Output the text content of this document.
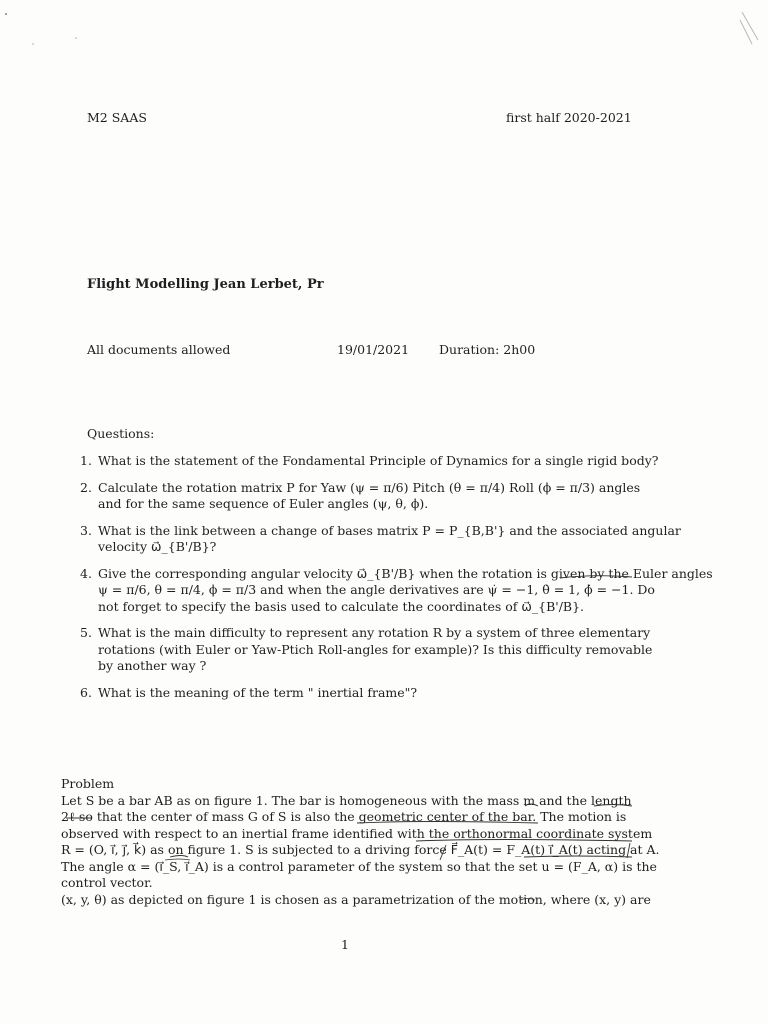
M2 SAAS	first half 2020-2021
Flight Modelling Jean Lerbet, Pr
All documents allowed	19/01/2021 Duration: 2h00
Questions:
1. What is the statement of the Fondamental Principle of Dynamics for a single rigid body?
2. Calculate the rotation matrix P for Yaw (ψ = π/6) Pitch (θ = π/4) Roll (ϕ = π/3) angles
and for the same sequence of Euler angles (ψ, θ, ϕ).
3. What is the link between a change of bases matrix P = P_{B,B'} and the associated angular
velocity ω⃗_{B'/B}?
4. Give the corresponding angular velocity ω⃗_{B'/B} when the rotation is given by the Euler angles
ψ = π/6, θ = π/4, ϕ = π/3 and when the angle derivatives are ψ̇ = −1, θ̇ = 1, ϕ̇ = −1. Do
not forget to specify the basis used to calculate the coordinates of ω⃗_{B'/B}.
5. What is the main difficulty to represent any rotation R by a system of three elementary
rotations (with Euler or Yaw-Ptich Roll-angles for example)? Is this difficulty removable
by another way ?
6. What is the meaning of the term " inertial frame"?
Problem
Let S be a bar AB as on figure 1. The bar is homogeneous with the mass m and the length
2ℓ so that the center of mass G of S is also the geometric center of the bar. The motion is
observed with respect to an inertial frame identified with the orthonormal coordinate system
R = (O, i⃗, j⃗, k⃗) as on figure 1. S is subjected to a driving force F⃗_A(t) = F_A(t) i⃗_A(t) acting at A.
The angle α = (i⃗_S, i⃗_A) is a control parameter of the system so that the set u = (F_A, α) is the
control vector.
(x, y, θ) as depicted on figure 1 is chosen as a parametrization of the motion, where (x, y) are
1
